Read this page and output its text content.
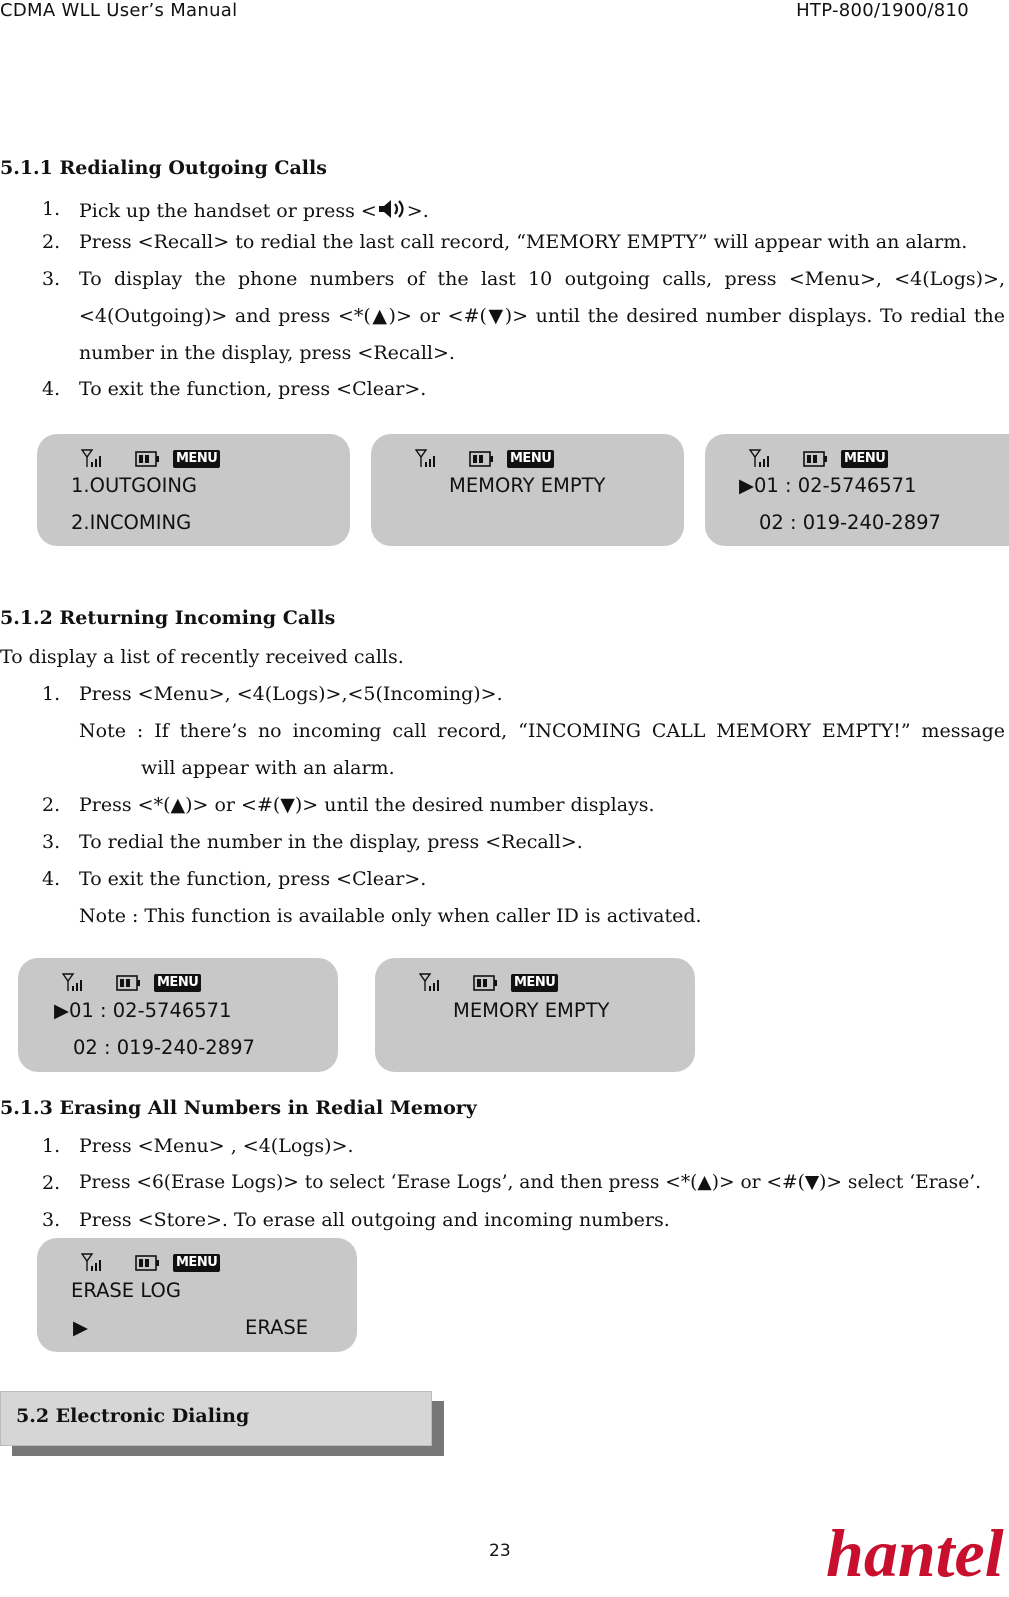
CDMA WLL User’s Manual	HTP-800/1900/810
5.1.1 Redialing Outgoing Calls
1. Pick up the handset or press < >.
2. Press <Recall> to redial the last call record, “MEMORY EMPTY” will appear with an alarm.
3. To display the phone numbers of the last 10 outgoing calls, press <Menu>, <4(Logs)>,
<4(Outgoing)> and press <*(▲)> or <#(▼)> until the desired number displays. To redial the
number in the display, press <Recall>.
4. To exit the function, press <Clear>.
MENU
1.OUTGOING
2.INCOMING
MENU
MEMORY EMPTY
MENU
▶01 : 02-5746571
02 : 019-240-2897
5.1.2 Returning Incoming Calls
To display a list of recently received calls.
1. Press <Menu>, <4(Logs)>,<5(Incoming)>.
Note : If there’s no incoming call record, “INCOMING CALL MEMORY EMPTY!” message
will appear with an alarm.
2. Press <*(▲)> or <#(▼)> until the desired number displays.
3. To redial the number in the display, press <Recall>.
4. To exit the function, press <Clear>.
Note : This function is available only when caller ID is activated.
MENU
▶01 : 02-5746571
02 : 019-240-2897
MENU
MEMORY EMPTY
5.1.3 Erasing All Numbers in Redial Memory
1. Press <Menu> , <4(Logs)>.
2. Press <6(Erase Logs)> to select ‘Erase Logs’, and then press <*(▲)> or <#(▼)> select ‘Erase’.
3. Press <Store>. To erase all outgoing and incoming numbers.
MENU
ERASE LOG
▶	ERASE
5.2 Electronic Dialing
23	hantel
